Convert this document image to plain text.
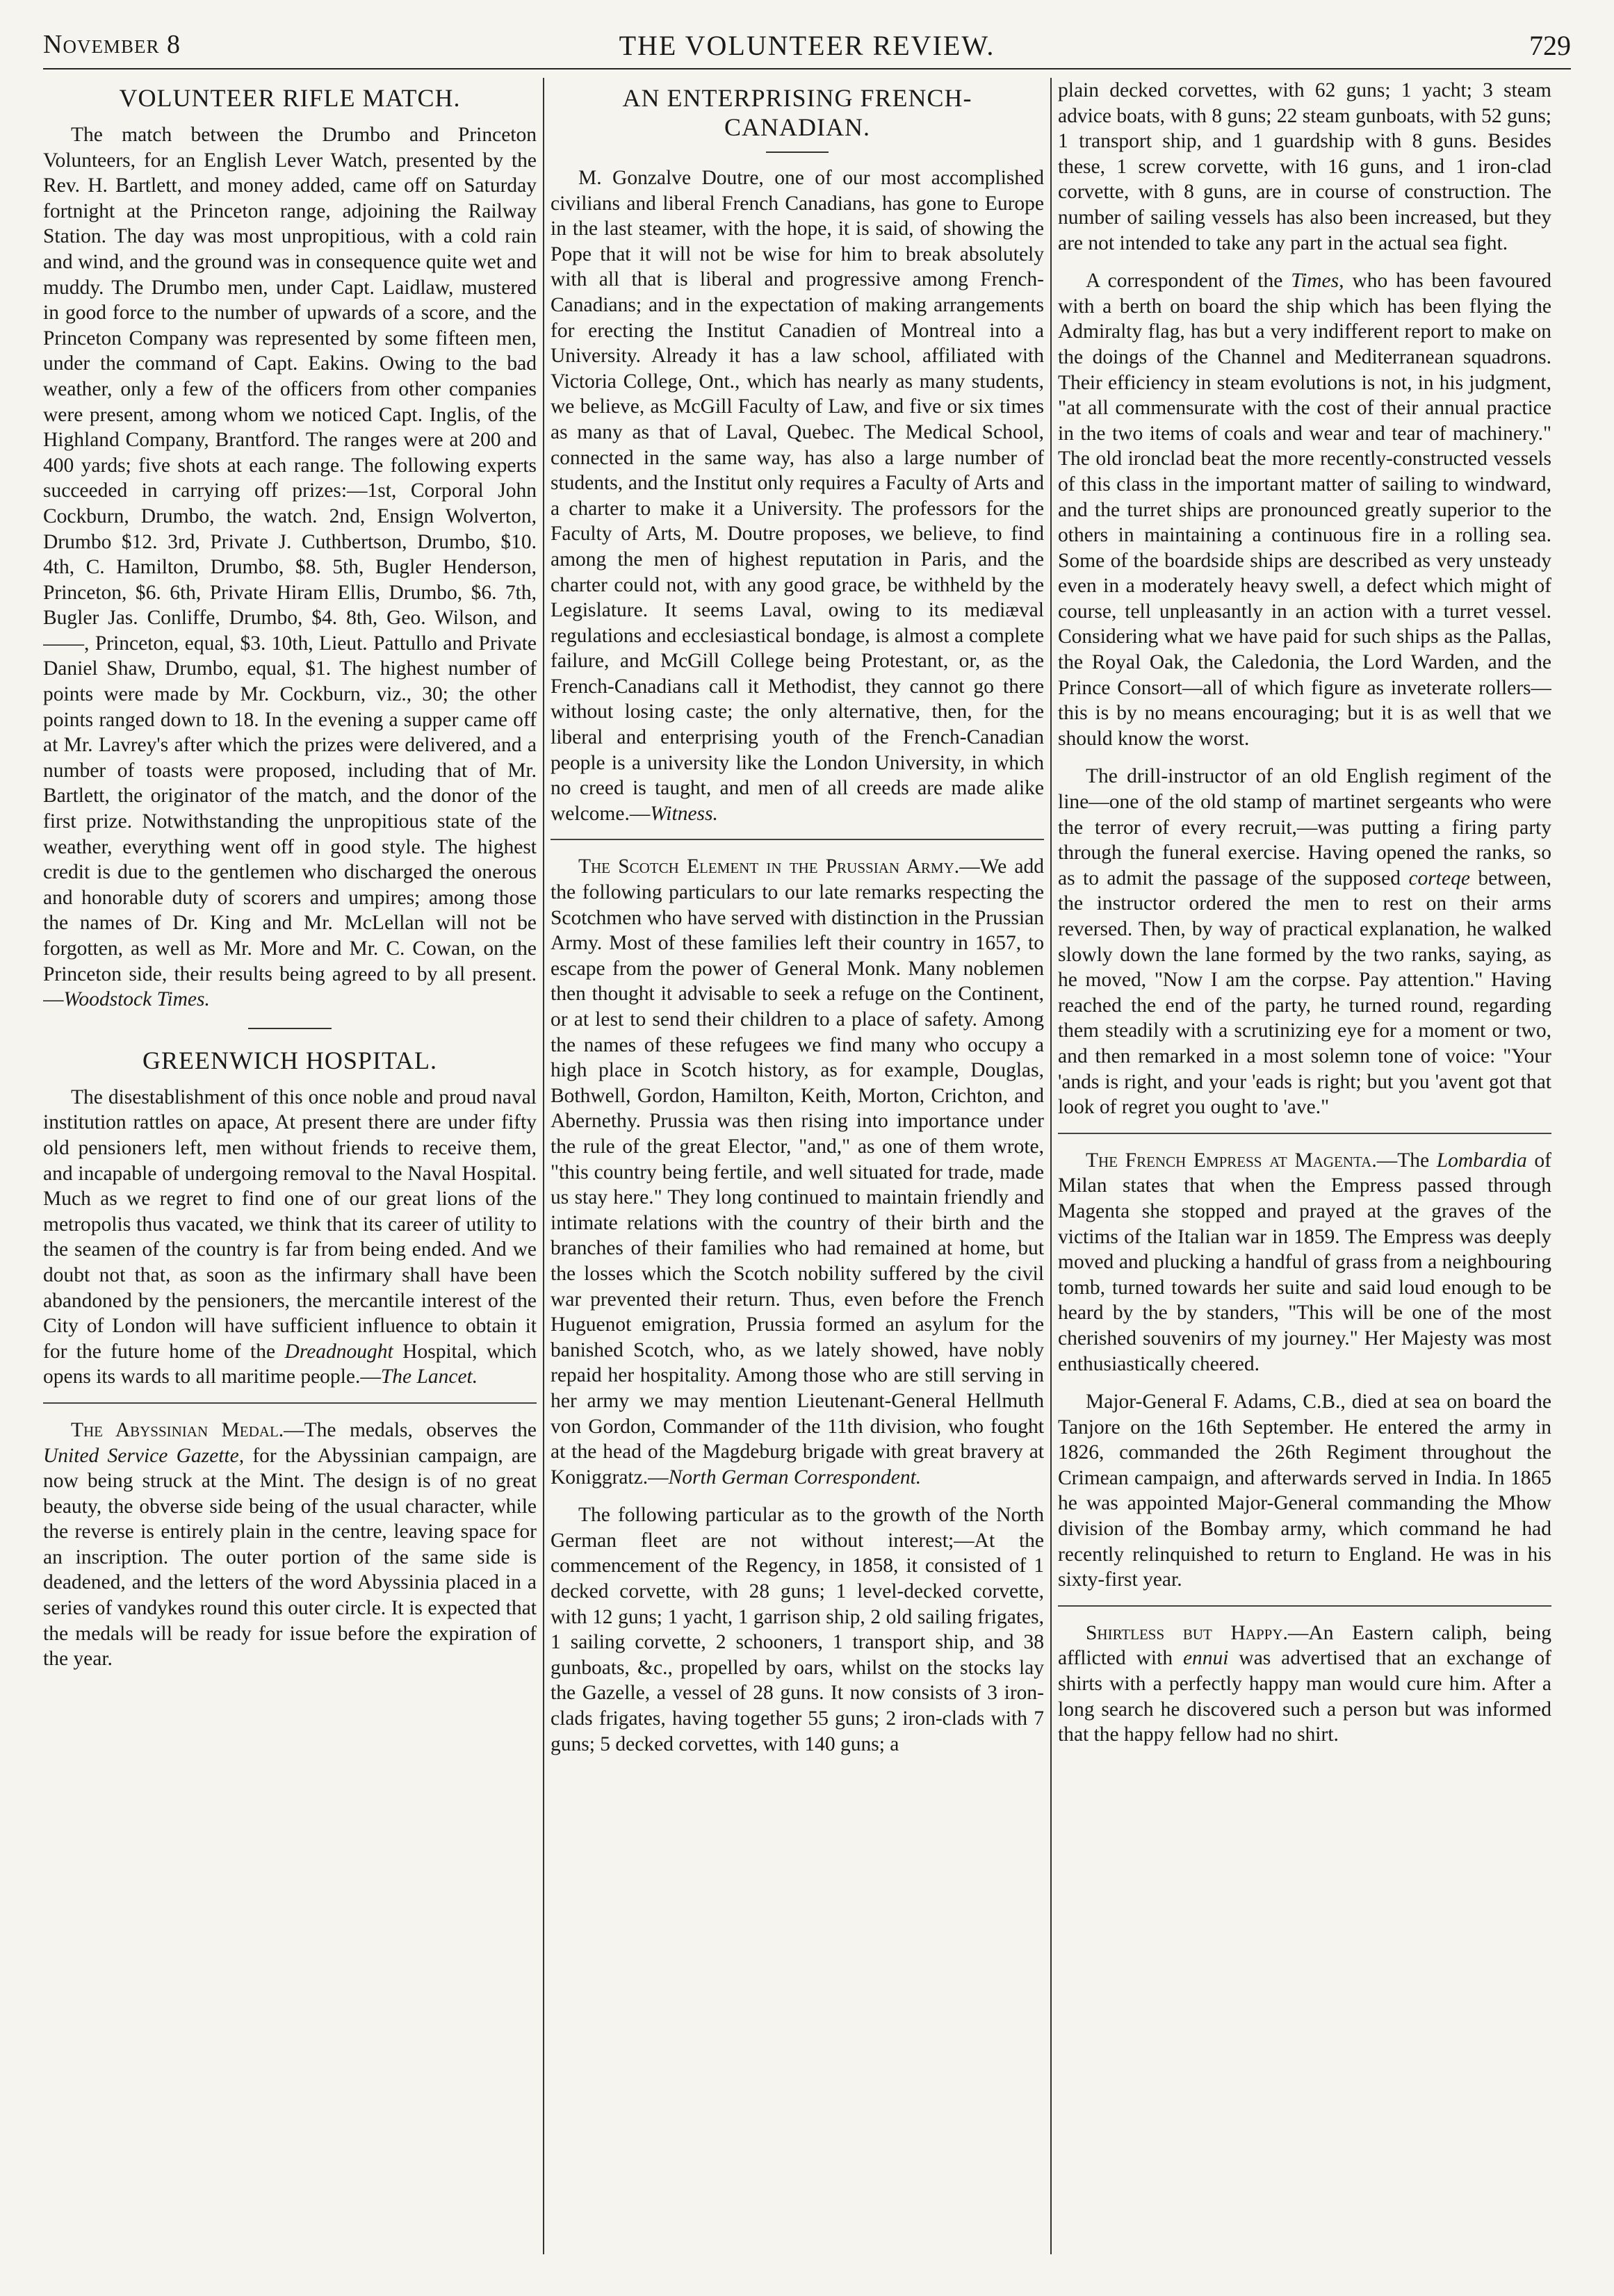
November 8	THE VOLUNTEER REVIEW.	729
VOLUNTEER RIFLE MATCH.

The match between the Drumbo and Princeton Volunteers, for an English Lever Watch, presented by the Rev. H. Bartlett, and money added, came off on Saturday fortnight at the Princeton range, adjoining the Railway Station. The day was most unpropitious, with a cold rain and wind, and the ground was in consequence quite wet and muddy. The Drumbo men, under Capt. Laidlaw, mustered in good force to the number of upwards of a score, and the Princeton Company was represented by some fifteen men, under the command of Capt. Eakins. Owing to the bad weather, only a few of the officers from other companies were present, among whom we noticed Capt. Inglis, of the Highland Company, Brantford. The ranges were at 200 and 400 yards; five shots at each range. The following experts succeeded in carrying off prizes:—1st, Corporal John Cockburn, Drumbo, the watch. 2nd, Ensign Wolverton, Drumbo $12. 3rd, Private J. Cuthbertson, Drumbo, $10. 4th, C. Hamilton, Drumbo, $8. 5th, Bugler Henderson, Princeton, $6. 6th, Private Hiram Ellis, Drumbo, $6. 7th, Bugler Jas. Conliffe, Drumbo, $4. 8th, Geo. Wilson, and——, Princeton, equal, $3. 10th, Lieut. Pattullo and Private Daniel Shaw, Drumbo, equal, $1. The highest number of points were made by Mr. Cockburn, viz., 30; the other points ranged down to 18. In the evening a supper came off at Mr. Lavrey's after which the prizes were delivered, and a number of toasts were proposed, including that of Mr. Bartlett, the originator of the match, and the donor of the first prize. Notwithstanding the unpropitious state of the weather, everything went off in good style. The highest credit is due to the gentlemen who discharged the onerous and honorable duty of scorers and umpires; among those the names of Dr. King and Mr. McLellan will not be forgotten, as well as Mr. More and Mr. C. Cowan, on the Princeton side, their results being agreed to by all present.—Woodstock Times.

GREENWICH HOSPITAL.

The disestablishment of this once noble and proud naval institution rattles on apace, At present there are under fifty old pensioners left, men without friends to receive them, and incapable of undergoing removal to the Naval Hospital. Much as we regret to find one of our great lions of the metropolis thus vacated, we think that its career of utility to the seamen of the country is far from being ended. And we doubt not that, as soon as the infirmary shall have been abandoned by the pensioners, the mercantile interest of the City of London will have sufficient influence to obtain it for the future home of the Dreadnought Hospital, which opens its wards to all maritime people.—The Lancet.

The Abyssinian Medal.—The medals, observes the United Service Gazette, for the Abyssinian campaign, are now being struck at the Mint. The design is of no great beauty, the obverse side being of the usual character, while the reverse is entirely plain in the centre, leaving space for an inscription. The outer portion of the same side is deadened, and the letters of the word Abyssinia placed in a series of vandykes round this outer circle. It is expected that the medals will be ready for issue before the expiration of the year.

AN ENTERPRISING FRENCH-CANADIAN.

M. Gonzalve Doutre, one of our most accomplished civilians and liberal French Canadians, has gone to Europe in the last steamer, with the hope, it is said, of showing the Pope that it will not be wise for him to break absolutely with all that is liberal and progressive among French-Canadians; and in the expectation of making arrangements for erecting the Institut Canadien of Montreal into a University. Already it has a law school, affiliated with Victoria College, Ont., which has nearly as many students, we believe, as McGill Faculty of Law, and five or six times as many as that of Laval, Quebec. The Medical School, connected in the same way, has also a large number of students, and the Institut only requires a Faculty of Arts and a charter to make it a University. The professors for the Faculty of Arts, M. Doutre proposes, we believe, to find among the men of highest reputation in Paris, and the charter could not, with any good grace, be withheld by the Legislature. It seems Laval, owing to its mediæval regulations and ecclesiastical bondage, is almost a complete failure, and McGill College being Protestant, or, as the French-Canadians call it Methodist, they cannot go there without losing caste; the only alternative, then, for the liberal and enterprising youth of the French-Canadian people is a university like the London University, in which no creed is taught, and men of all creeds are made alike welcome.—Witness.

The Scotch Element in the Prussian Army.—We add the following particulars to our late remarks respecting the Scotchmen who have served with distinction in the Prussian Army. Most of these families left their country in 1657, to escape from the power of General Monk. Many noblemen then thought it advisable to seek a refuge on the Continent, or at lest to send their children to a place of safety. Among the names of these refugees we find many who occupy a high place in Scotch history, as for example, Douglas, Bothwell, Gordon, Hamilton, Keith, Morton, Crichton, and Abernethy. Prussia was then rising into importance under the rule of the great Elector, "and," as one of them wrote, "this country being fertile, and well situated for trade, made us stay here." They long continued to maintain friendly and intimate relations with the country of their birth and the branches of their families who had remained at home, but the losses which the Scotch nobility suffered by the civil war prevented their return. Thus, even before the French Huguenot emigration, Prussia formed an asylum for the banished Scotch, who, as we lately showed, have nobly repaid her hospitality. Among those who are still serving in her army we may mention Lieutenant-General Hellmuth von Gordon, Commander of the 11th division, who fought at the head of the Magdeburg brigade with great bravery at Koniggratz.—North German Correspondent.

The following particular as to the growth of the North German fleet are not without interest;—At the commencement of the Regency, in 1858, it consisted of 1 decked corvette, with 28 guns; 1 level-decked corvette, with 12 guns; 1 yacht, 1 garrison ship, 2 old sailing frigates, 1 sailing corvette, 2 schooners, 1 transport ship, and 38 gunboats, &c., propelled by oars, whilst on the stocks lay the Gazelle, a vessel of 28 guns. It now consists of 3 iron-clads frigates, having together 55 guns; 2 iron-clads with 7 guns; 5 decked corvettes, with 140 guns; a

plain decked corvettes, with 62 guns; 1 yacht; 3 steam advice boats, with 8 guns; 22 steam gunboats, with 52 guns; 1 transport ship, and 1 guardship with 8 guns. Besides these, 1 screw corvette, with 16 guns, and 1 iron-clad corvette, with 8 guns, are in course of construction. The number of sailing vessels has also been increased, but they are not intended to take any part in the actual sea fight.

A correspondent of the Times, who has been favoured with a berth on board the ship which has been flying the Admiralty flag, has but a very indifferent report to make on the doings of the Channel and Mediterranean squadrons. Their efficiency in steam evolutions is not, in his judgment, "at all commensurate with the cost of their annual practice in the two items of coals and wear and tear of machinery." The old ironclad beat the more recently-constructed vessels of this class in the important matter of sailing to windward, and the turret ships are pronounced greatly superior to the others in maintaining a continuous fire in a rolling sea. Some of the boardside ships are described as very unsteady even in a moderately heavy swell, a defect which might of course, tell unpleasantly in an action with a turret vessel. Considering what we have paid for such ships as the Pallas, the Royal Oak, the Caledonia, the Lord Warden, and the Prince Consort—all of which figure as inveterate rollers—this is by no means encouraging; but it is as well that we should know the worst.

The drill-instructor of an old English regiment of the line—one of the old stamp of martinet sergeants who were the terror of every recruit,—was putting a firing party through the funeral exercise. Having opened the ranks, so as to admit the passage of the supposed corteqe between, the instructor ordered the men to rest on their arms reversed. Then, by way of practical explanation, he walked slowly down the lane formed by the two ranks, saying, as he moved, "Now I am the corpse. Pay attention." Having reached the end of the party, he turned round, regarding them steadily with a scrutinizing eye for a moment or two, and then remarked in a most solemn tone of voice: "Your 'ands is right, and your 'eads is right; but you 'avent got that look of regret you ought to 'ave."

The French Empress at Magenta.—The Lombardia of Milan states that when the Empress passed through Magenta she stopped and prayed at the graves of the victims of the Italian war in 1859. The Empress was deeply moved and plucking a handful of grass from a neighbouring tomb, turned towards her suite and said loud enough to be heard by the by standers, "This will be one of the most cherished souvenirs of my journey." Her Majesty was most enthusiastically cheered.

Major-General F. Adams, C.B., died at sea on board the Tanjore on the 16th September. He entered the army in 1826, commanded the 26th Regiment throughout the Crimean campaign, and afterwards served in India. In 1865 he was appointed Major-General commanding the Mhow division of the Bombay army, which command he had recently relinquished to return to England. He was in his sixty-first year.

Shirtless but Happy.—An Eastern caliph, being afflicted with ennui was advertised that an exchange of shirts with a perfectly happy man would cure him. After a long search he discovered such a person but was informed that the happy fellow had no shirt.
